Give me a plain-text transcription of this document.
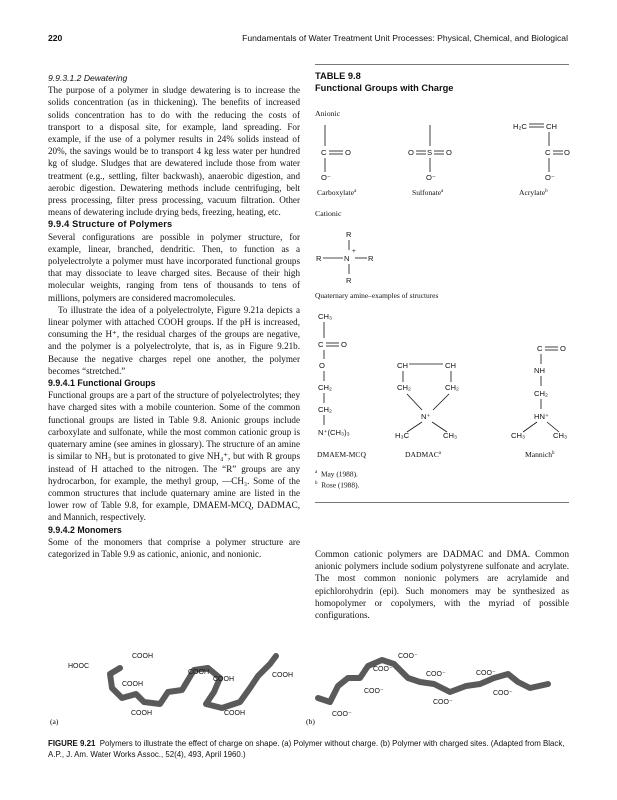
220	Fundamentals of Water Treatment Unit Processes: Physical, Chemical, and Biological

9.9.3.1.2 Dewatering

The purpose of a polymer in sludge dewatering is to increase the solids concentration (as in thickening). The benefits of increased solids concentration has to do with the reducing the costs of transport to a disposal site, for example, land spreading. For example, if the use of a polymer results in 24% solids instead of 20%, the savings would be to transport 4 kg less water per hundred kg of sludge. Sludges that are dewatered include those from water treatment (e.g., settling, filter backwash), anaerobic digestion, and aerobic digestion. Dewatering methods include centrifuging, belt press processing, filter press processing, vacuum filtration. Other means of dewatering include drying beds, freezing, heating, etc.

9.9.4 Structure of Polymers

Several configurations are possible in polymer structure, for example, linear, branched, dendritic. Then, to function as a polyelectrolyte a polymer must have incorporated functional groups that may dissociate to leave charged sites. Because of their high molecular weights, ranging from tens of thousands to tens of millions, polymers are considered macromolecules.

To illustrate the idea of a polyelectrolyte, Figure 9.21a depicts a linear polymer with attached COOH groups. If the pH is increased, consuming the H⁺, the residual charges of the groups are negative, and the polymer is a polyelectrolyte, that is, as in Figure 9.21b. Because the negative charges repel one another, the polymer becomes “stretched.”

9.9.4.1 Functional Groups

Functional groups are a part of the structure of polyelectrolytes; they have charged sites with a mobile counterion. Some of the common functional groups are listed in Table 9.8. Anionic groups include carboxylate and sulfonate, while the most common cationic group is quaternary amine (see amines in glossary). The structure of an amine is similar to NH₃ but is protonated to give NH₄⁺, but with R groups instead of H attached to the nitrogen. The “R” groups are any hydrocarbon, for example, the methyl group, —CH₃. Some of the common structures that include quaternary amine are listed in the lower row of Table 9.8, for example, DMAEM-MCQ, DADMAC, and Mannich, respectively.

9.9.4.2 Monomers

Some of the monomers that comprise a polymer structure are categorized in Table 9.9 as cationic, anionic, and nonionic.

TABLE 9.8
Functional Groups with Charge
Anionic
C O
O⁻
O S O
O⁻
H₂C	CH
C O
O⁻
Carboxylate$^a$	Sulfonate$^a$	Acrylate$^b$
Cationic
R
R	N
+
R
R
Quaternary amine–examples of structures
CH₃
C O
O
CH₂
CH₂
N⁺(CH₃)₃
CH	CH
CH₂	CH₂
N⁺
H₃C	CH₃
C O
NH
CH₂
HN⁺
CH₃	CH₃
DMAEM-MCQ	DADMAC$^a$	Mannich$^b$
$^a$ May (1988).
$^b$ Rose (1988).

Common cationic polymers are DADMAC and DMA. Common anionic polymers include sodium polystyrene sulfonate and acrylate. The most common nonionic polymers are acrylamide and epichlorohydrin (epi). Such monomers may be synthesized as homopolymer or copolymers, with the myriad of possible configurations.

HOOC
COOH
COOH
COOH
COOH
COOH	COOH
COOH
(a)
COO⁻
COO⁻
COO⁻	COO⁻
COO⁻
COO⁻
COO⁻
COO⁻
(b)
FIGURE 9.21 Polymers to illustrate the effect of charge on shape. (a) Polymer without charge. (b) Polymer with charged sites. (Adapted from Black, A.P., J. Am. Water Works Assoc., 52(4), 493, April 1960.)
